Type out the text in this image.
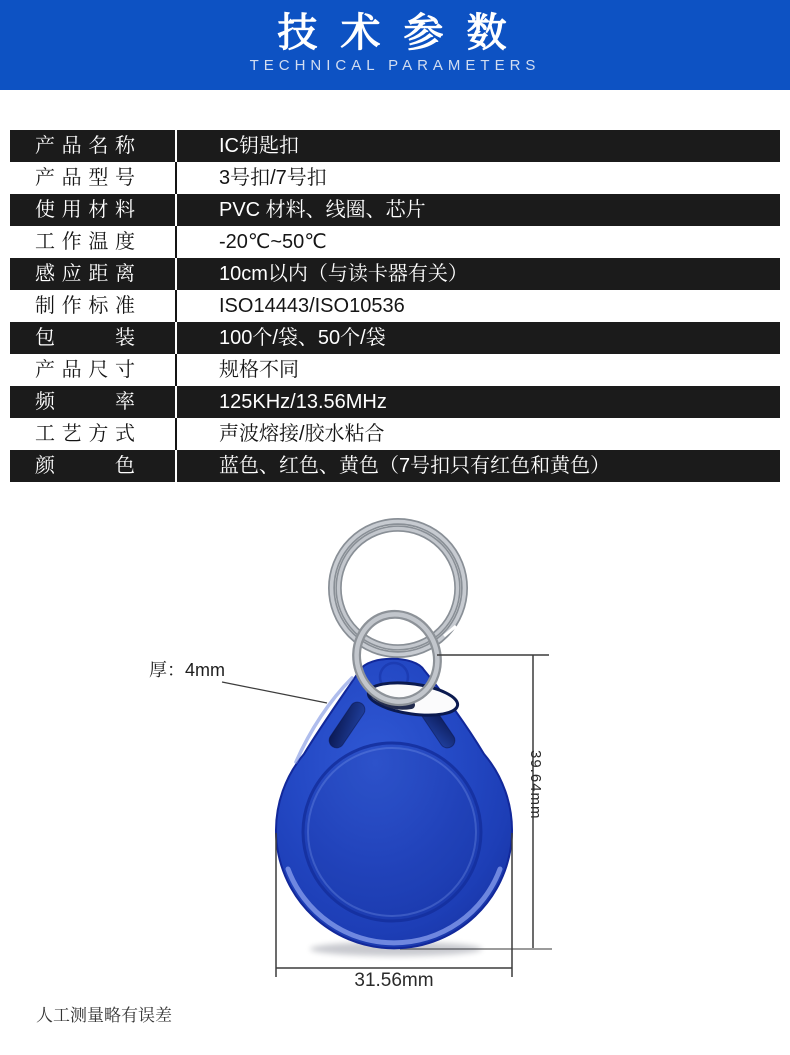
技 术 参 数
TECHNICAL PARAMETERS
产品名称	IC钥匙扣
产品型号	3号扣/7号扣
使用材料	PVC 材料、线圈、芯片
工作温度	-20℃~50℃
感应距离	10cm以内（与读卡器有关）
制作标准	ISO14443/ISO10536
包 装	100个/袋、50个/袋
产品尺寸	规格不同
频 率	125KHz/13.56MHz
工艺方式	声波熔接/胶水粘合
颜 色	蓝色、红色、黄色（7号扣只有红色和黄色）
厚：4mm
39.64mm
31.56mm
人工测量略有误差
